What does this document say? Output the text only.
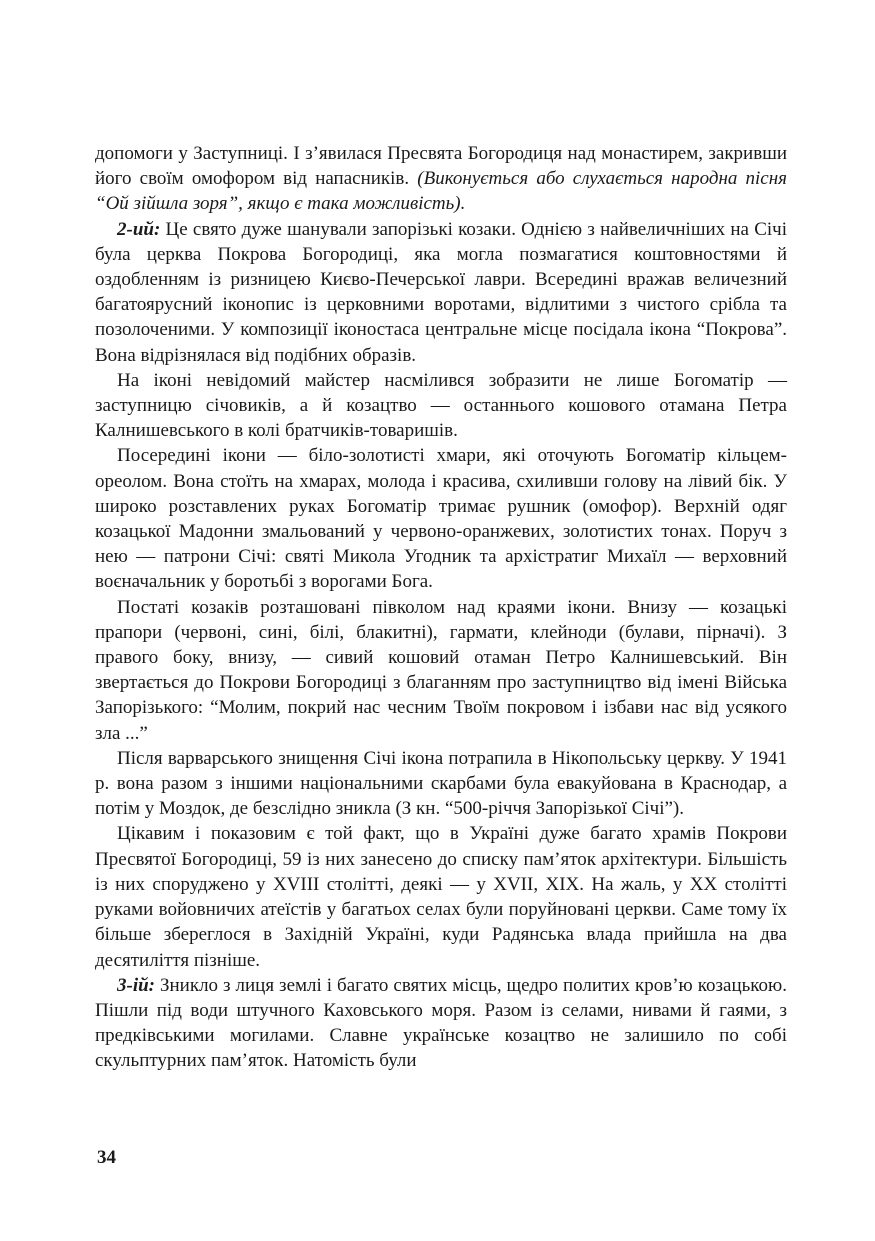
допомоги у Заступниці. І з’явилася Пресвята Богородиця над монастирем, закривши його своїм омофором від напасників. (Виконується або слухається народна пісня “Ой зійшла зоря”, якщо є така можливість).

2-ий: Це свято дуже шанували запорізькі козаки. Однією з найвеличніших на Січі була церква Покрова Богородиці, яка могла позмагатися коштовностями й оздобленням із ризницею Києво-Печерської лаври. Всередині вражав величезний багатоярусний іконопис із церковними воротами, відлитими з чистого срібла та позолоченими. У композиції іконостаса центральне місце посідала ікона “Покрова”. Вона відрізнялася від подібних образів.

На іконі невідомий майстер насмілився зобразити не лише Богоматір — заступницю січовиків, а й козацтво — останнього кошового отамана Петра Калнишевського в колі братчиків-товаришів.

Посередині ікони — біло-золотисті хмари, які оточують Богоматір кільцем-ореолом. Вона стоїть на хмарах, молода і красива, схиливши голову на лівий бік. У широко розставлених руках Богоматір тримає рушник (омофор). Верхній одяг козацької Мадонни змальований у червоно-оранжевих, золотистих тонах. Поруч з нею — патрони Січі: святі Микола Угодник та архістратиг Михаїл — верховний воєначальник у боротьбі з ворогами Бога.

Постаті козаків розташовані півколом над краями ікони. Внизу — козацькі прапори (червоні, сині, білі, блакитні), гармати, клейноди (булави, пірначі). З правого боку, внизу, — сивий кошовий отаман Петро Калнишевський. Він звертається до Покрови Богородиці з благанням про заступництво від імені Війська Запорізького: “Молим, покрий нас чесним Твоїм покровом і ізбави нас від усякого зла ...”

Після варварського знищення Січі ікона потрапила в Нікопольську церкву. У 1941 р. вона разом з іншими національними скарбами була евакуйована в Краснодар, а потім у Моздок, де безслідно зникла (З кн. “500-річчя Запорізької Січі”).

Цікавим і показовим є той факт, що в Україні дуже багато храмів Покрови Пресвятої Богородиці, 59 із них занесено до списку пам’яток архітектури. Більшість із них споруджено у XVIII столітті, деякі — у XVII, XIX. На жаль, у XX столітті руками войовничих атеїстів у багатьох селах були поруйновані церкви. Саме тому їх більше збереглося в Західній Україні, куди Радянська влада прийшла на два десятиліття пізніше.

3-ій: Зникло з лиця землі і багато святих місць, щедро политих кров’ю козацькою. Пішли під води штучного Каховського моря. Разом із селами, нивами й гаями, з предківськими могилами. Славне українське козацтво не залишило по собі скульптурних пам’яток. Натомість були

34
